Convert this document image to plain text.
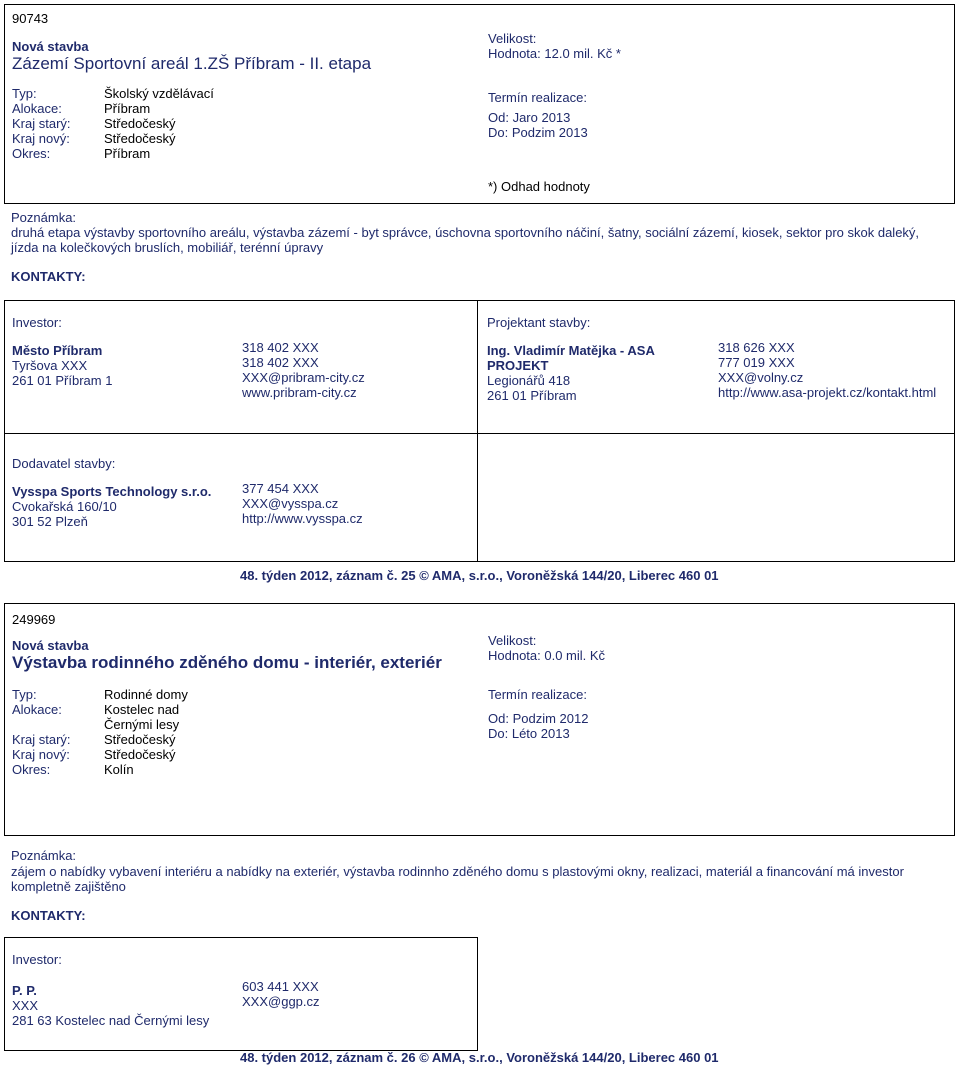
90743
Nová stavba
Zázemí Sportovní areál 1.ZŠ Příbram - II. etapa
Typ:
Alokace:
Kraj starý:
Kraj nový:
Okres:
Školský vzdělávací
Příbram
Středočeský
Středočeský
Příbram
Velikost:
Hodnota: 12.0 mil. Kč *
Termín realizace:
Od: Jaro 2013
Do: Podzim 2013
*) Odhad hodnoty
Poznámka:
druhá etapa výstavby sportovního areálu, výstavba zázemí - byt správce, úschovna sportovního náčiní, šatny, sociální zázemí, kiosek, sektor pro skok daleký,
jízda na kolečkových bruslích, mobiliář, terénní úpravy
KONTAKTY:
Investor:
Město Příbram
Tyršova XXX
261 01 Příbram 1
318 402 XXX
318 402 XXX
XXX@pribram-city.cz
www.pribram-city.cz
Projektant stavby:
Ing. Vladimír Matějka - ASA
PROJEKT
Legionářů 418
261 01 Příbram
318 626 XXX
777 019 XXX
XXX@volny.cz
http://www.asa-projekt.cz/kontakt.html
Dodavatel stavby:
Vysspa Sports Technology s.r.o.
Cvokařská 160/10
301 52 Plzeň
377 454 XXX
XXX@vysspa.cz
http://www.vysspa.cz
48. týden 2012, záznam č. 25 © AMA, s.r.o., Voroněžská 144/20, Liberec 460 01
249969
Nová stavba
Výstavba rodinného zděného domu - interiér, exteriér
Typ:
Alokace:

Kraj starý:
Kraj nový:
Okres:
Rodinné domy
Kostelec nad
Černými lesy
Středočeský
Středočeský
Kolín
Velikost:
Hodnota: 0.0 mil. Kč
Termín realizace:
Od: Podzim 2012
Do: Léto 2013
Poznámka:
zájem o nabídky vybavení interiéru a nabídky na exteriér, výstavba rodinnho zděného domu s plastovými okny, realizaci, materiál a financování má investor
kompletně zajištěno
KONTAKTY:
Investor:
P. P.
XXX
281 63 Kostelec nad Černými lesy
603 441 XXX
XXX@ggp.cz
48. týden 2012, záznam č. 26 © AMA, s.r.o., Voroněžská 144/20, Liberec 460 01
